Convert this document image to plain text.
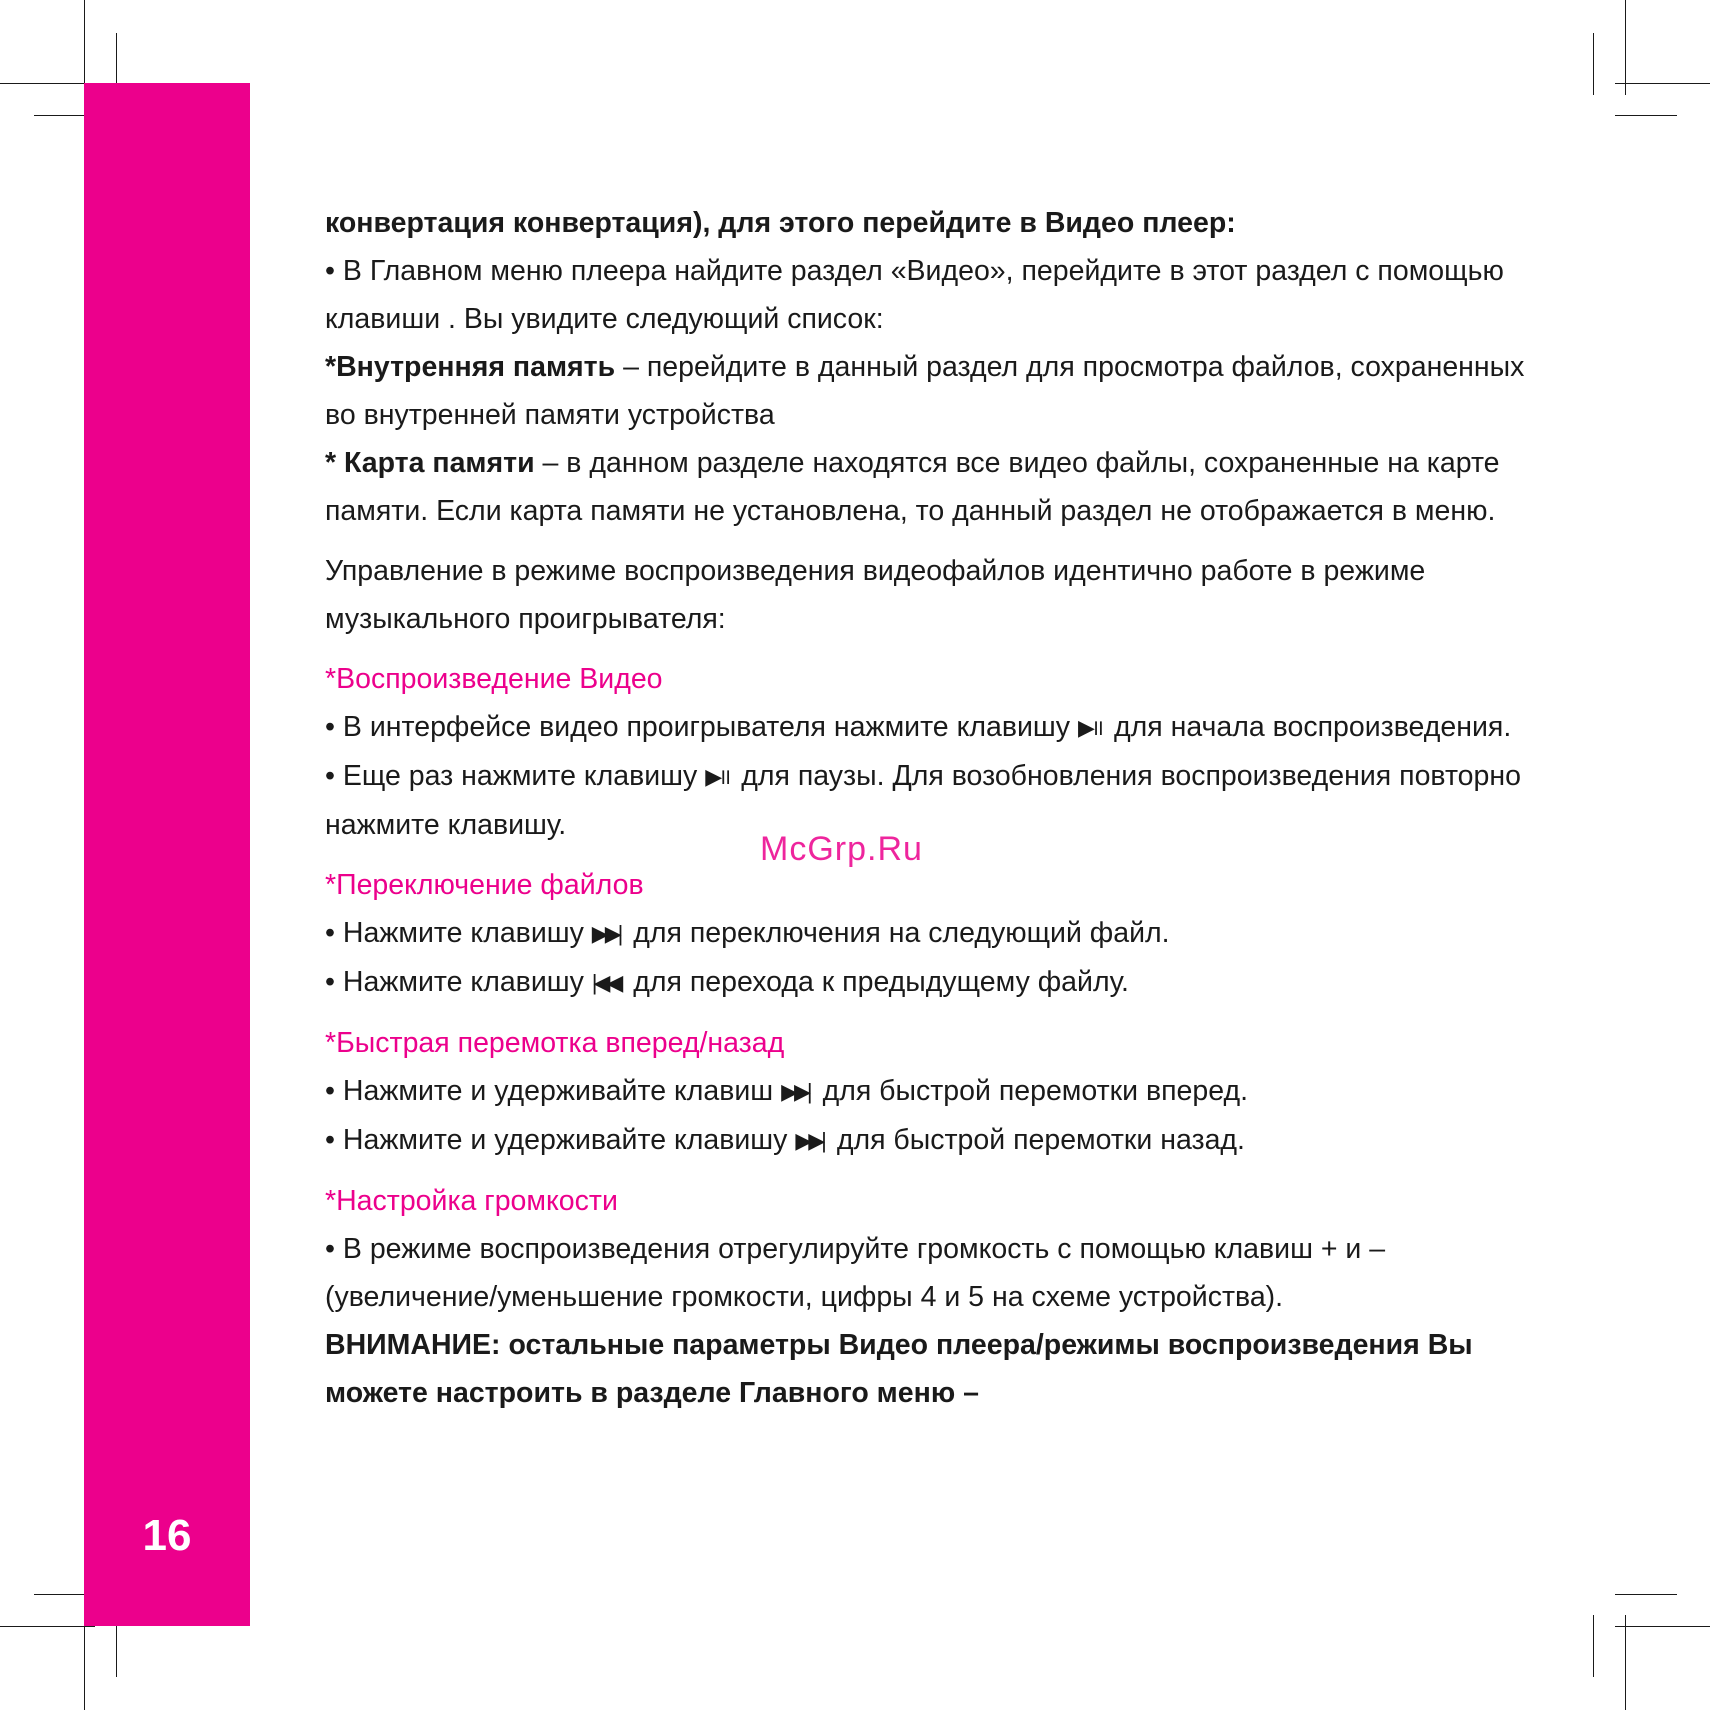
Цифровой аудио плеер RF-4950M
16

конвертация конвертация), для этого перейдите в Видео плеер:

• В Главном меню плеера найдите раздел «Видео», перейдите в этот раздел с помощью клавиши . Вы увидите следующий список:

*Внутренняя память – перейдите в данный раздел для просмотра файлов, сохраненных во внутренней памяти устройства

* Карта памяти – в данном разделе находятся все видео файлы, сохраненные на карте памяти. Если карта памяти не установлена, то данный раздел не отображается в меню.

Управление в режиме воспроизведения видеофайлов идентично работе в режиме музыкального проигрывателя:

*Воспроизведение Видео

• В интерфейсе видео проигрывателя нажмите клавишу ▶॥ для начала воспроизведения.

• Еще раз нажмите клавишу ▶॥ для паузы. Для возобновления воспроизведения повторно нажмите клавишу.

*Переключение файлов

• Нажмите клавишу ▶▶| для переключения на следующий файл.

• Нажмите клавишу |◀◀ для перехода к предыдущему файлу.

*Быстрая перемотка вперед/назад

• Нажмите и удерживайте клавиш ▶▶| для быстрой перемотки вперед.

• Нажмите и удерживайте клавишу ▶▶| для быстрой перемотки назад.

*Настройка громкости

• В режиме воспроизведения отрегулируйте громкость с помощью клавиш + и – (увеличение/уменьшение громкости, цифры 4 и 5 на схеме устройства).

ВНИМАНИЕ: остальные параметры Видео плеера/режимы воспроизведения Вы можете настроить в разделе Главного меню –

McGrp.Ru
